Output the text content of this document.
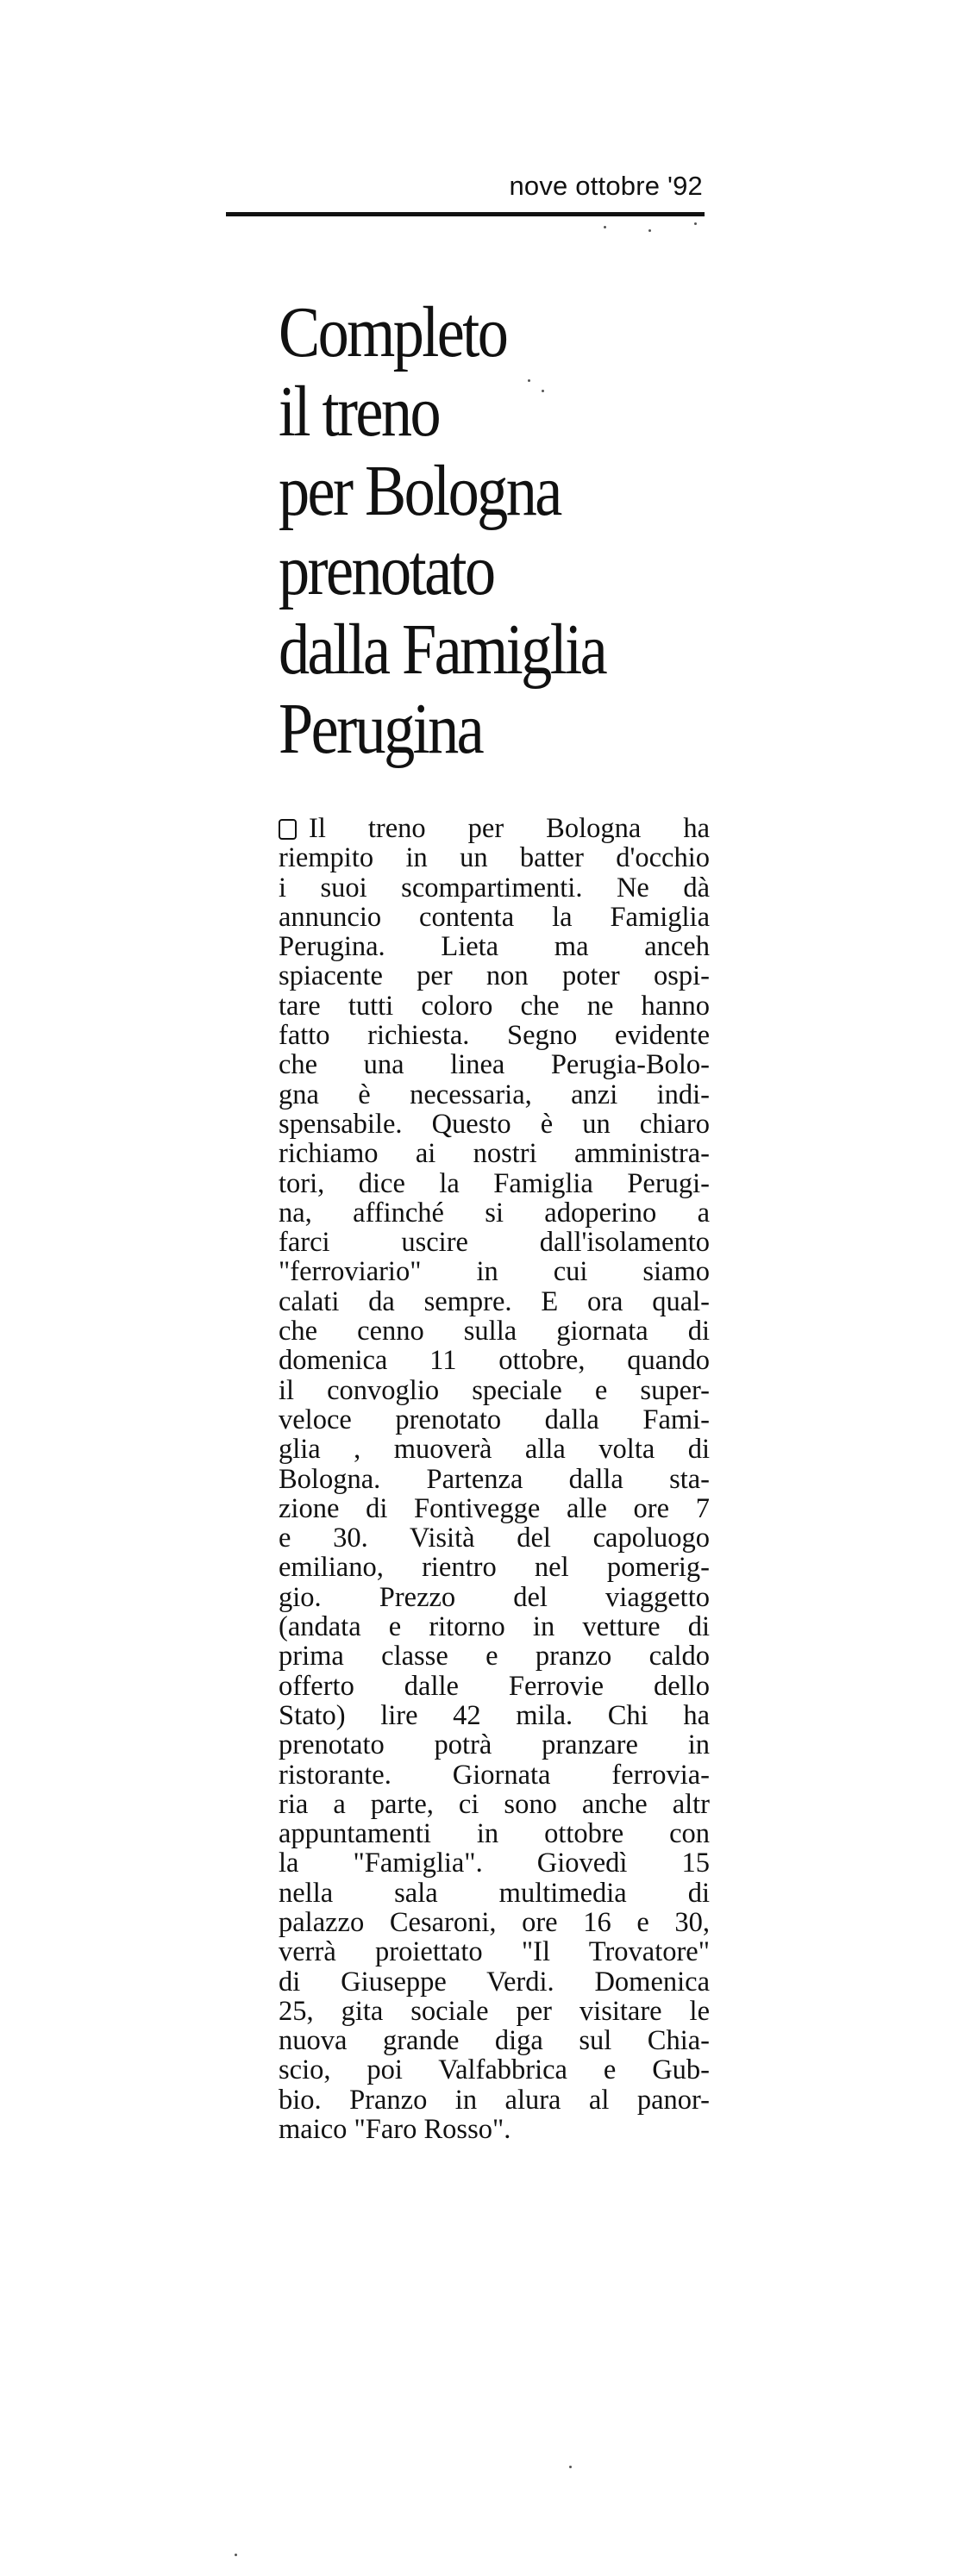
nove ottobre '92
Completo
il treno
per Bologna
prenotato
dalla Famiglia
Perugina
Il treno per Bologna ha
riempito in un batter d'occhio
i suoi scompartimenti. Ne dà
annuncio contenta la Famiglia
Perugina. Lieta ma anceh
spiacente per non poter ospi-
tare tutti coloro che ne hanno
fatto richiesta. Segno evidente
che una linea Perugia-Bolo-
gna è necessaria, anzi indi-
spensabile. Questo è un chiaro
richiamo ai nostri amministra-
tori, dice la Famiglia Perugi-
na, affinché si adoperino a
farci uscire dall'isolamento
"ferroviario" in cui siamo
calati da sempre. E ora qual-
che cenno sulla giornata di
domenica 11 ottobre, quando
il convoglio speciale e super-
veloce prenotato dalla Fami-
glia , muoverà alla volta di
Bologna. Partenza dalla sta-
zione di Fontivegge alle ore 7
e 30. Visità del capoluogo
emiliano, rientro nel pomerig-
gio. Prezzo del viaggetto
(andata e ritorno in vetture di
prima classe e pranzo caldo
offerto dalle Ferrovie dello
Stato) lire 42 mila. Chi ha
prenotato potrà pranzare in
ristorante. Giornata ferrovia-
ria a parte, ci sono anche altr
appuntamenti in ottobre con
la "Famiglia". Giovedì 15
nella sala multimedia di
palazzo Cesaroni, ore 16 e 30,
verrà proiettato "Il Trovatore"
di Giuseppe Verdi. Domenica
25, gita sociale per visitare le
nuova grande diga sul Chia-
scio, poi Valfabbrica e Gub-
bio. Pranzo in alura al panor-
maico "Faro Rosso".
